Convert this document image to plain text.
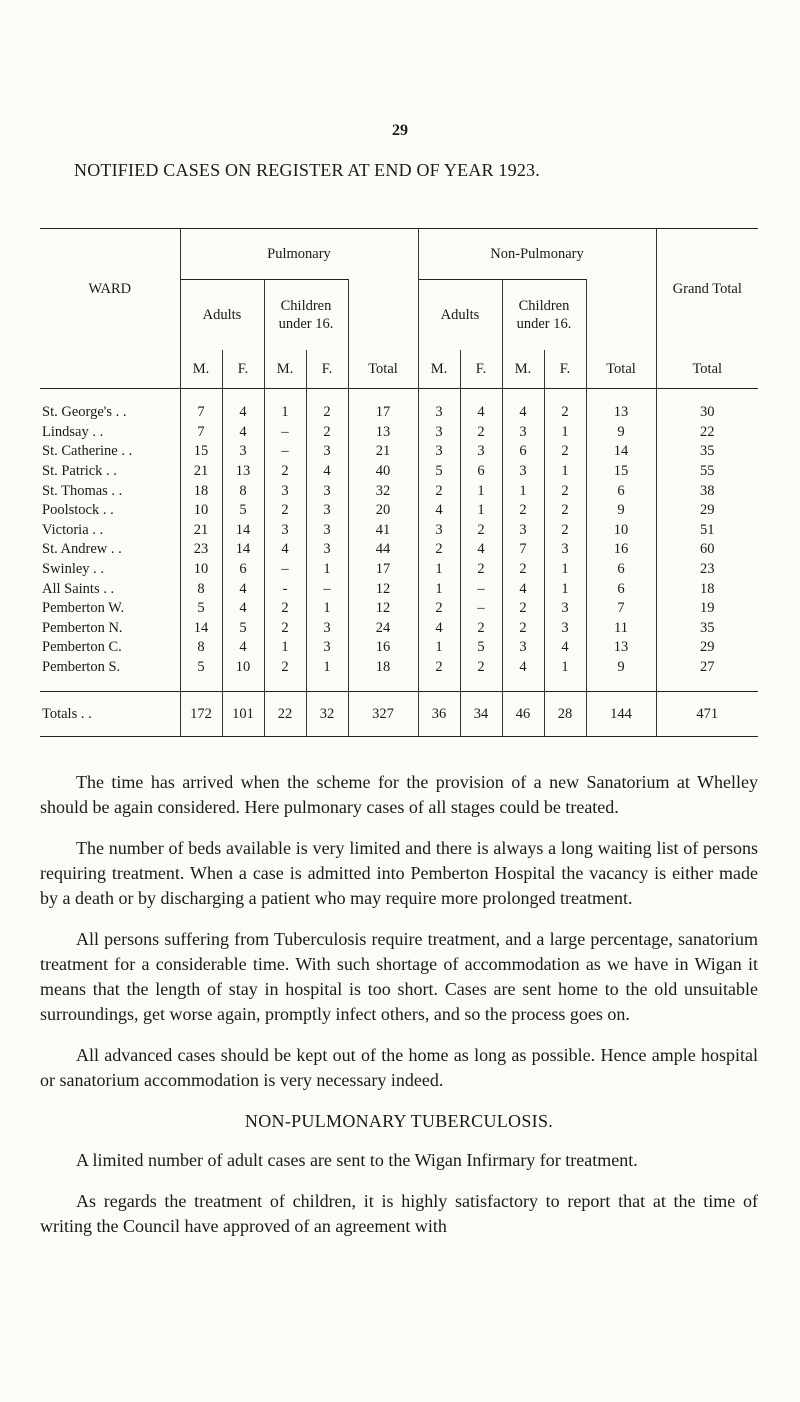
29
NOTIFIED CASES ON REGISTER AT END OF YEAR 1923.
WARD	Pulmonary					Non-Pulmonary					Grand Total
	Adults		Children under 16.			Adults		Children under 16.			
	M.	F.	M.	F.	Total	M.	F.	M.	F.	Total	Total
St. George's . .	7	4	1	2	17	3	4	4	2	13	30
Lindsay . .	7	4	–	2	13	3	2	3	1	9	22
St. Catherine . .	15	3	–	3	21	3	3	6	2	14	35
St. Patrick . .	21	13	2	4	40	5	6	3	1	15	55
St. Thomas . .	18	8	3	3	32	2	1	1	2	6	38
Poolstock . .	10	5	2	3	20	4	1	2	2	9	29
Victoria . .	21	14	3	3	41	3	2	3	2	10	51
St. Andrew . .	23	14	4	3	44	2	4	7	3	16	60
Swinley . .	10	6	–	1	17	1	2	2	1	6	23
All Saints . .	8	4	-	–	12	1	–	4	1	6	18
Pemberton W.	5	4	2	1	12	2	–	2	3	7	19
Pemberton N.	14	5	2	3	24	4	2	2	3	11	35
Pemberton C.	8	4	1	3	16	1	5	3	4	13	29
Pemberton S.	5	10	2	1	18	2	2	4	1	9	27
Totals . .	172	101	22	32	327	36	34	46	28	144	471

The time has arrived when the scheme for the provision of a new Sanatorium at Whelley should be again considered. Here pulmonary cases of all stages could be treated.

The number of beds available is very limited and there is always a long waiting list of persons requiring treatment. When a case is admitted into Pemberton Hospital the vacancy is either made by a death or by discharging a patient who may require more prolonged treatment.

All persons suffering from Tuberculosis require treatment, and a large percentage, sanatorium treatment for a considerable time. With such shortage of accommodation as we have in Wigan it means that the length of stay in hospital is too short. Cases are sent home to the old unsuitable surroundings, get worse again, promptly infect others, and so the process goes on.

All advanced cases should be kept out of the home as long as possible. Hence ample hospital or sanatorium accommodation is very necessary indeed.

NON-PULMONARY TUBERCULOSIS.

A limited number of adult cases are sent to the Wigan Infirmary for treatment.

As regards the treatment of children, it is highly satisfactory to report that at the time of writing the Council have approved of an agreement with
